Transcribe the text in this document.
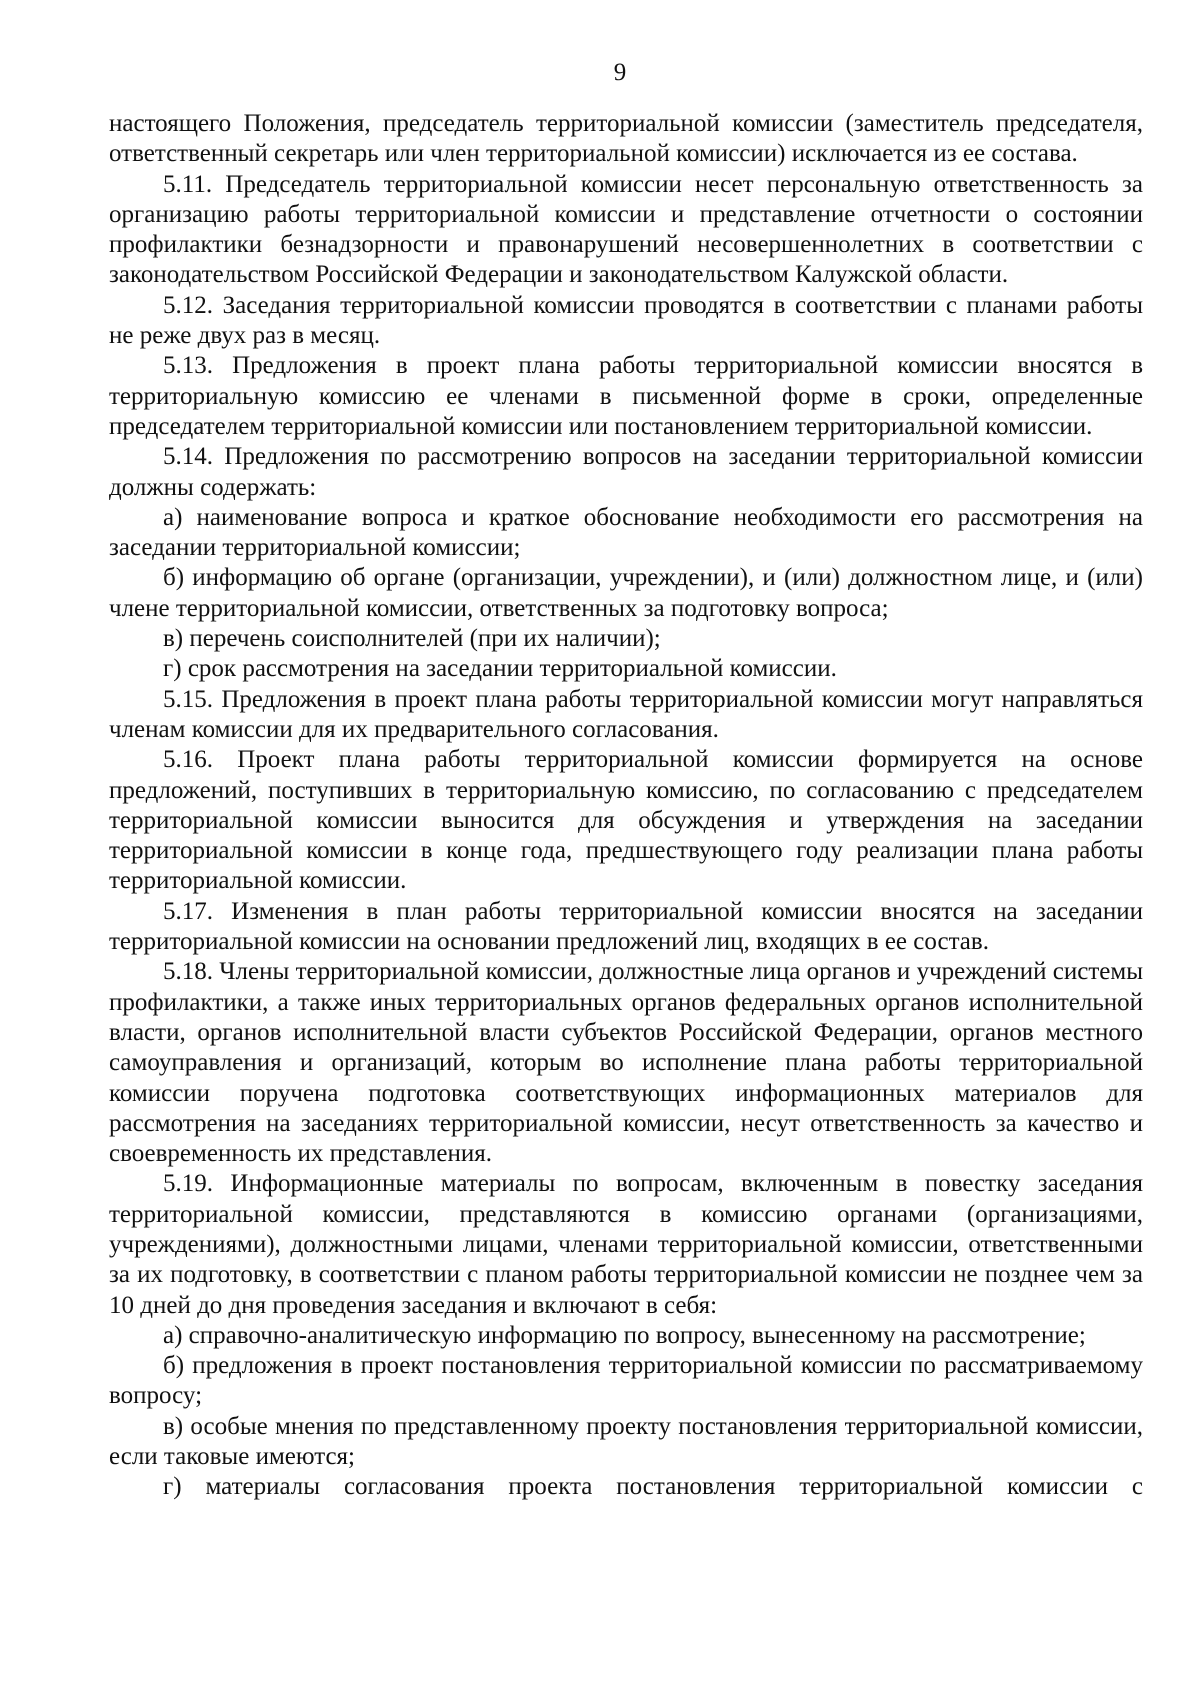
9

настоящего Положения, председатель территориальной комиссии (заместитель председателя, ответственный секретарь или член территориальной комиссии) исключается из ее состава.

5.11. Председатель территориальной комиссии несет персональную ответственность за организацию работы территориальной комиссии и представление отчетности о состоянии профилактики безнадзорности и правонарушений несовершеннолетних в соответствии с законодательством Российской Федерации и законодательством Калужской области.

5.12. Заседания территориальной комиссии проводятся в соответствии с планами работы не реже двух раз в месяц.

5.13. Предложения в проект плана работы территориальной комиссии вносятся в территориальную комиссию ее членами в письменной форме в сроки, определенные председателем территориальной комиссии или постановлением территориальной комиссии.

5.14. Предложения по рассмотрению вопросов на заседании территориальной комиссии должны содержать:

а) наименование вопроса и краткое обоснование необходимости его рассмотрения на заседании территориальной комиссии;

б) информацию об органе (организации, учреждении), и (или) должностном лице, и (или) члене территориальной комиссии, ответственных за подготовку вопроса;

в) перечень соисполнителей (при их наличии);

г) срок рассмотрения на заседании территориальной комиссии.

5.15. Предложения в проект плана работы территориальной комиссии могут направляться членам комиссии для их предварительного согласования.

5.16. Проект плана работы территориальной комиссии формируется на основе предложений, поступивших в территориальную комиссию, по согласованию с председателем территориальной комиссии выносится для обсуждения и утверждения на заседании территориальной комиссии в конце года, предшествующего году реализации плана работы территориальной комиссии.

5.17. Изменения в план работы территориальной комиссии вносятся на заседании территориальной комиссии на основании предложений лиц, входящих в ее состав.

5.18. Члены территориальной комиссии, должностные лица органов и учреждений системы профилактики, а также иных территориальных органов федеральных органов исполнительной власти, органов исполнительной власти субъектов Российской Федерации, органов местного самоуправления и организаций, которым во исполнение плана работы территориальной комиссии поручена подготовка соответствующих информационных материалов для рассмотрения на заседаниях территориальной комиссии, несут ответственность за качество и своевременность их представления.

5.19. Информационные материалы по вопросам, включенным в повестку заседания территориальной комиссии, представляются в комиссию органами (организациями, учреждениями), должностными лицами, членами территориальной комиссии, ответственными за их подготовку, в соответствии с планом работы территориальной комиссии не позднее чем за 10 дней до дня проведения заседания и включают в себя:

а) справочно-аналитическую информацию по вопросу, вынесенному на рассмотрение;

б) предложения в проект постановления территориальной комиссии по рассматриваемому вопросу;

в) особые мнения по представленному проекту постановления территориальной комиссии, если таковые имеются;

г) материалы согласования проекта постановления территориальной комиссии с
